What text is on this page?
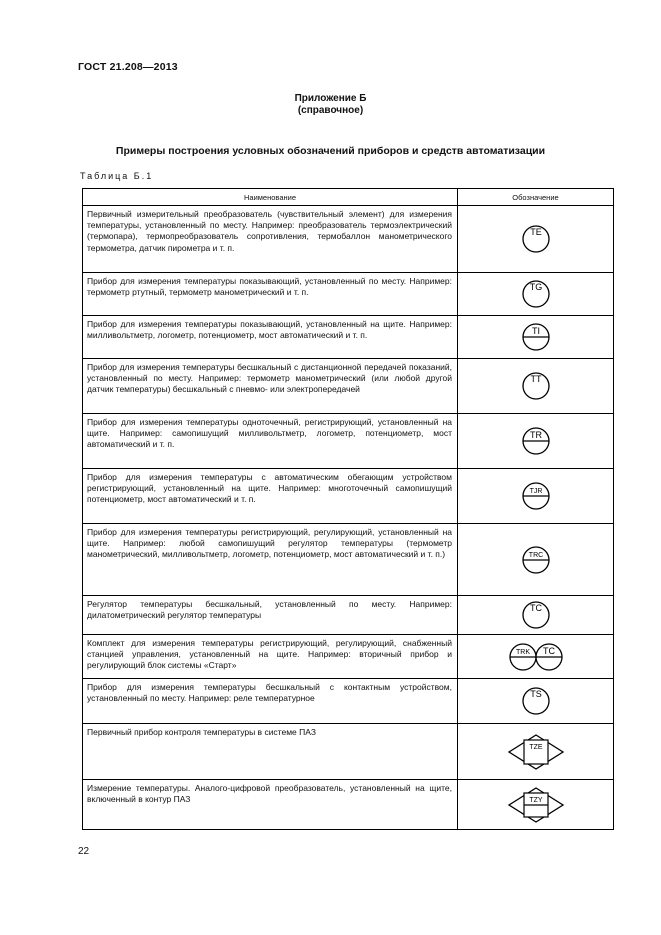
ГОСТ 21.208—2013
Приложение Б
(справочное)
Примеры построения условных обозначений приборов и средств автоматизации
Таблица Б.1
Наименование	Обозначение

Первичный измерительный преобразователь (чувствительный элемент) для измерения температуры, установленный по месту. Например: преобразователь термоэлектрический (термопара), термопреобразователь сопротивления, термобаллон манометрического термометра, датчик пирометра и т. п.	TE

Прибор для измерения температуры показывающий, установленный по месту. Например: термометр ртутный, термометр манометрический и т. п.	TG

Прибор для измерения температуры показывающий, установленный на щите. Например: милливольтметр, логометр, потенциометр, мост автоматический и т. п.	TI

Прибор для измерения температуры бесшкальный с дистанционной передачей показаний, установленный по месту. Например: термометр манометрический (или любой другой датчик температуры) бесшкальный с пневмо- или электропередачей	TT

Прибор для измерения температуры одноточечный, регистрирующий, установленный на щите. Например: самопишущий милливольтметр, логометр, потенциометр, мост автоматический и т. п.	TR

Прибор для измерения температуры с автоматическим обегающим устройством регистрирующий, установленный на щите. Например: многоточечный самопишущий потенциометр, мост автоматический и т. п.	TJR

Прибор для измерения температуры регистрирующий, регулирующий, установленный на щите. Например: любой самопишущий регулятор температуры (термометр манометрический, милливольтметр, логометр, потенциометр, мост автоматический и т. п.)	TRC

Регулятор температуры бесшкальный, установленный по месту. Например: дилатометрический регулятор температуры	TC

Комплект для измерения температуры регистрирующий, регулирующий, снабженный станцией управления, установленный на щите. Например: вторичный прибор и регулирующий блок системы «Старт»	TRK TC

Прибор для измерения температуры бесшкальный с контактным устройством, установленный по месту. Например: реле температурное	TS

Первичный прибор контроля температуры в системе ПАЗ	TZE

Измерение температуры. Аналого-цифровой преобразователь, установленный на щите, включенный в контур ПАЗ	TZY
22
